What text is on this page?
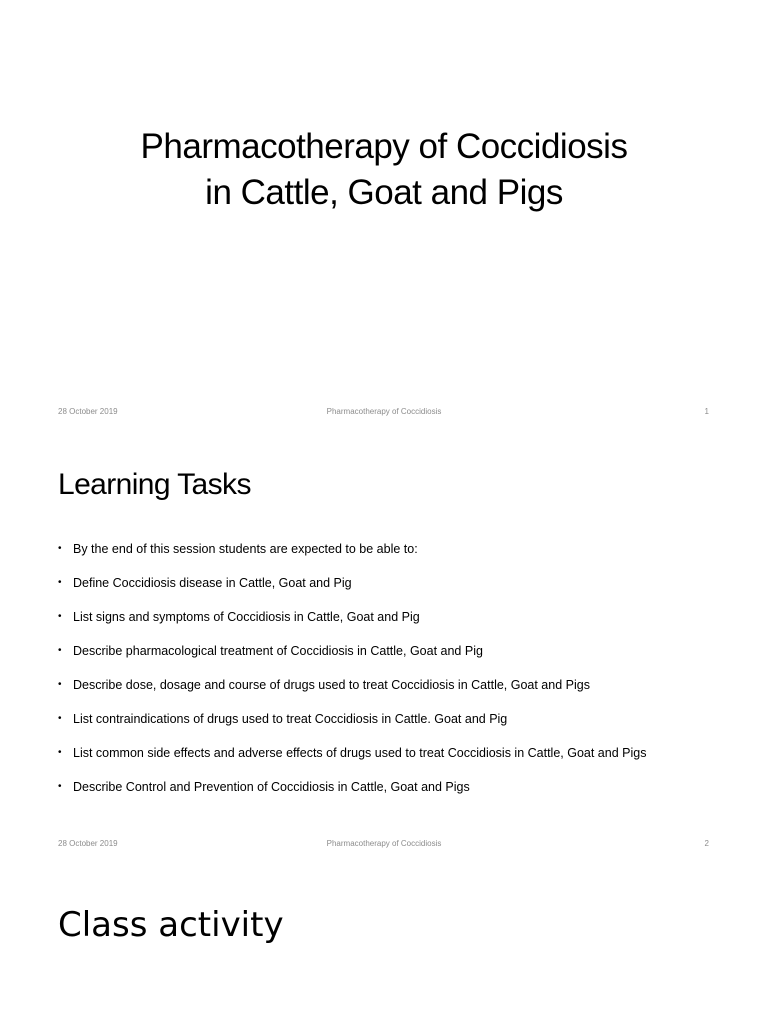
Pharmacotherapy of Coccidiosis
in Cattle, Goat and Pigs
28 October 2019	Pharmacotherapy of Coccidiosis	1
Learning Tasks
• By the end of this session students are expected to be able to:
• Define Coccidiosis disease in Cattle, Goat and Pig
• List signs and symptoms of Coccidiosis in Cattle, Goat and Pig
• Describe pharmacological treatment of Coccidiosis in Cattle, Goat and Pig
• Describe dose, dosage and course of drugs used to treat Coccidiosis in Cattle, Goat and Pigs
• List contraindications of drugs used to treat Coccidiosis in Cattle. Goat and Pig
• List common side effects and adverse effects of drugs used to treat Coccidiosis in Cattle, Goat and Pigs
• Describe Control and Prevention of Coccidiosis in Cattle, Goat and Pigs
28 October 2019	Pharmacotherapy of Coccidiosis	2
Class activity
